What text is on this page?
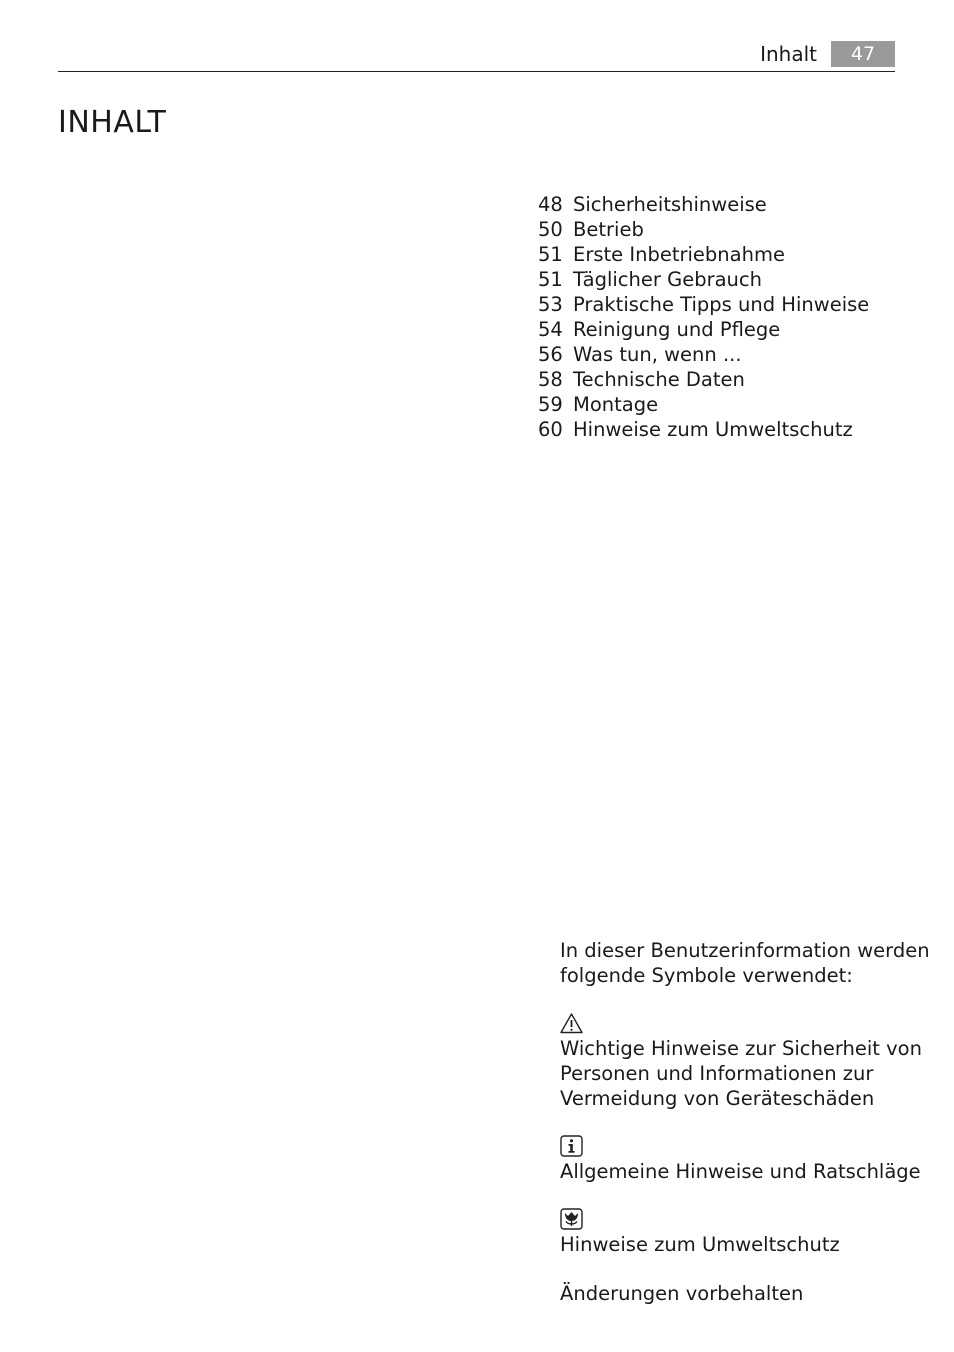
Inhalt	47
INHALT
48 Sicherheitshinweise
50 Betrieb
51 Erste Inbetriebnahme
51 Täglicher Gebrauch
53 Praktische Tipps und Hinweise
54 Reinigung und Pflege
56 Was tun, wenn ...
58 Technische Daten
59 Montage
60 Hinweise zum Umweltschutz

In dieser Benutzerinformation werden

folgende Symbole verwendet:

Wichtige Hinweise zur Sicherheit von

Personen und Informationen zur

Vermeidung von Geräteschäden

Allgemeine Hinweise und Ratschläge

Hinweise zum Umweltschutz

Änderungen vorbehalten
